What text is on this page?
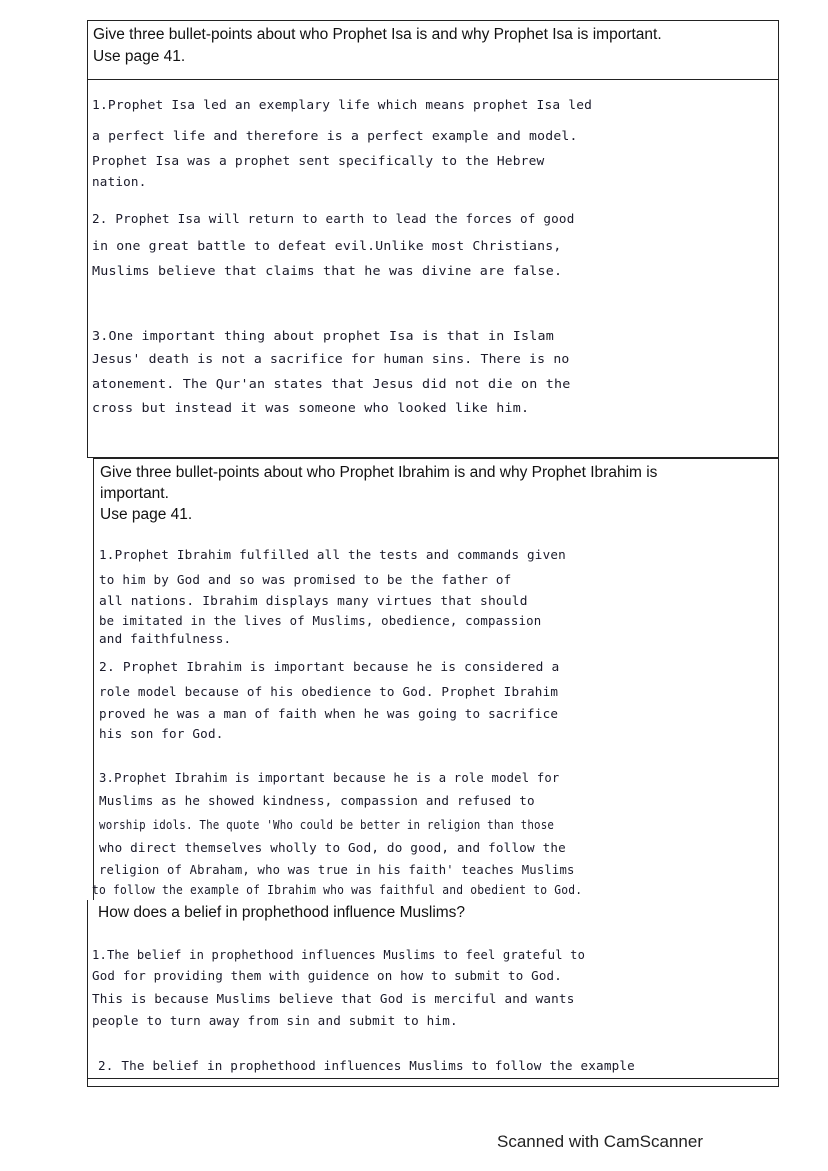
Give three bullet-points about who Prophet Isa is and why Prophet Isa is important.
Use page 41.
1.Prophet Isa led an exemplary life which means prophet Isa led
a perfect life and therefore is a perfect example and model.
Prophet Isa was a prophet sent specifically to the Hebrew
nation.
2. Prophet Isa will return to earth to lead the forces of good
in one great battle to defeat evil.Unlike most Christians,
Muslims believe that claims that he was divine are false.
3.One important thing about prophet Isa is that in Islam
Jesus' death is not a sacrifice for human sins. There is no
atonement. The Qur'an states that Jesus did not die on the
cross but instead it was someone who looked like him.
Give three bullet-points about who Prophet Ibrahim is and why Prophet Ibrahim is
important.
Use page 41.
1.Prophet Ibrahim fulfilled all the tests and commands given
to him by God and so was promised to be the father of
all nations. Ibrahim displays many virtues that should
be imitated in the lives of Muslims, obedience, compassion
and faithfulness.
2. Prophet Ibrahim is important because he is considered a
role model because of his obedience to God. Prophet Ibrahim
proved he was a man of faith when he was going to sacrifice
his son for God.
3.Prophet Ibrahim is important because he is a role model for
Muslims as he showed kindness, compassion and refused to
worship idols. The quote 'Who could be better in religion than those
who direct themselves wholly to God, do good, and follow the
religion of Abraham, who was true in his faith' teaches Muslims
to follow the example of Ibrahim who was faithful and obedient to God.
How does a belief in prophethood influence Muslims?
1.The belief in prophethood influences Muslims to feel grateful to
God for providing them with guidence on how to submit to God.
This is because Muslims believe that God is merciful and wants
people to turn away from sin and submit to him.
2. The belief in prophethood influences Muslims to follow the example
Scanned with CamScanner
